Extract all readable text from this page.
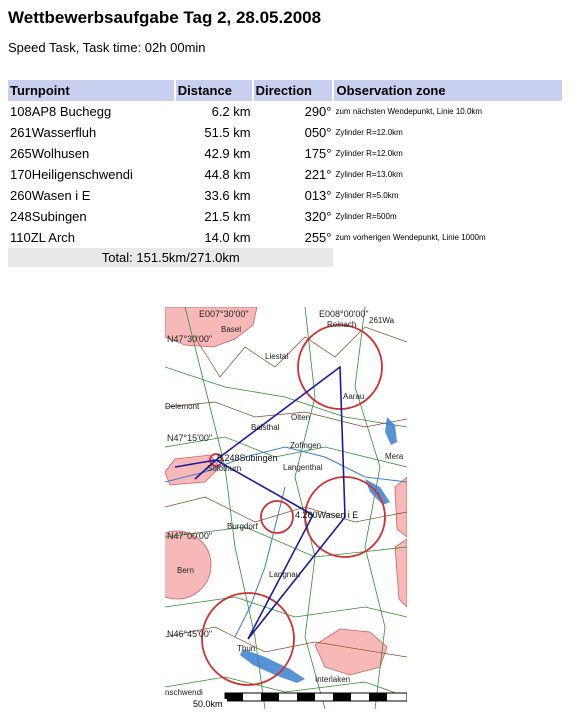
Wettbewerbsaufgabe Tag 2, 28.05.2008
Speed Task, Task time: 02h 00min
Turnpoint	Distance	Direction	Observation zone
108AP8 Buchegg	6.2 km	290°	zum nächsten Wendepunkt, Linie 10.0km
261Wasserfluh	51.5 km	050°	Zylinder R=12.0km
265Wolhusen	42.9 km	175°	Zylinder R=12.0km
170Heiligenschwendi	44.8 km	221°	Zylinder R=13.0km
260Wasen i E	33.6 km	013°	Zylinder R=5.0km
248Subingen	21.5 km	320°	Zylinder R=500m
110ZL Arch	14.0 km	255°	zum vorherigen Wendepunkt, Linie 1000m
Total: 151.5km/271.0km			
E007°30'00"	E008°00'00"
N47°30'00"
N47°15'00"
N47°00'00"
N46°45'00"
Basel
Liestal
Aarau
Olten
Balsthal
Zofingen
Langenthal
Delemont
Mera
Solothurn
Burgdorf
Langnau
Thun
Interlaken
Bern
nschwendi
Reinach 261Wa
5.248Subingen
4.260Wasen i E
50.0km
